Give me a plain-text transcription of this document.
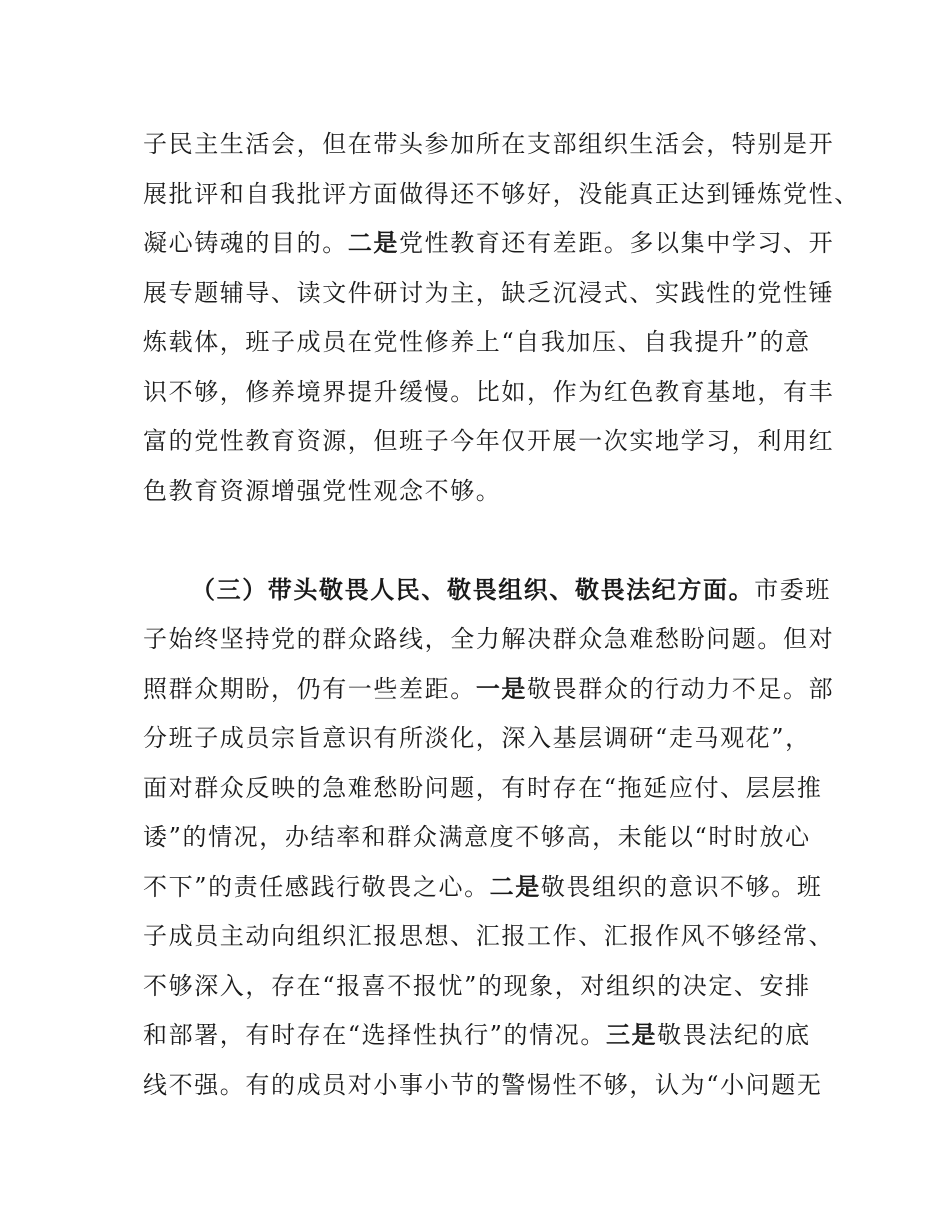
子民主生活会，但在带头参加所在支部组织生活会，特别是开
展批评和自我批评方面做得还不够好，没能真正达到锤炼党性、
凝心铸魂的目的。二是党性教育还有差距。多以集中学习、开
展专题辅导、读文件研讨为主，缺乏沉浸式、实践性的党性锤
炼载体，班子成员在党性修养上“自我加压、自我提升”的意
识不够，修养境界提升缓慢。比如，作为红色教育基地，有丰
富的党性教育资源，但班子今年仅开展一次实地学习，利用红
色教育资源增强党性观念不够。
（三）带头敬畏人民、敬畏组织、敬畏法纪方面。市委班
子始终坚持党的群众路线，全力解决群众急难愁盼问题。但对
照群众期盼，仍有一些差距。一是敬畏群众的行动力不足。部
分班子成员宗旨意识有所淡化，深入基层调研“走马观花”，
面对群众反映的急难愁盼问题，有时存在“拖延应付、层层推
诿”的情况，办结率和群众满意度不够高，未能以“时时放心
不下”的责任感践行敬畏之心。二是敬畏组织的意识不够。班
子成员主动向组织汇报思想、汇报工作、汇报作风不够经常、
不够深入，存在“报喜不报忧”的现象，对组织的决定、安排
和部署，有时存在“选择性执行”的情况。三是敬畏法纪的底
线不强。有的成员对小事小节的警惕性不够，认为“小问题无
